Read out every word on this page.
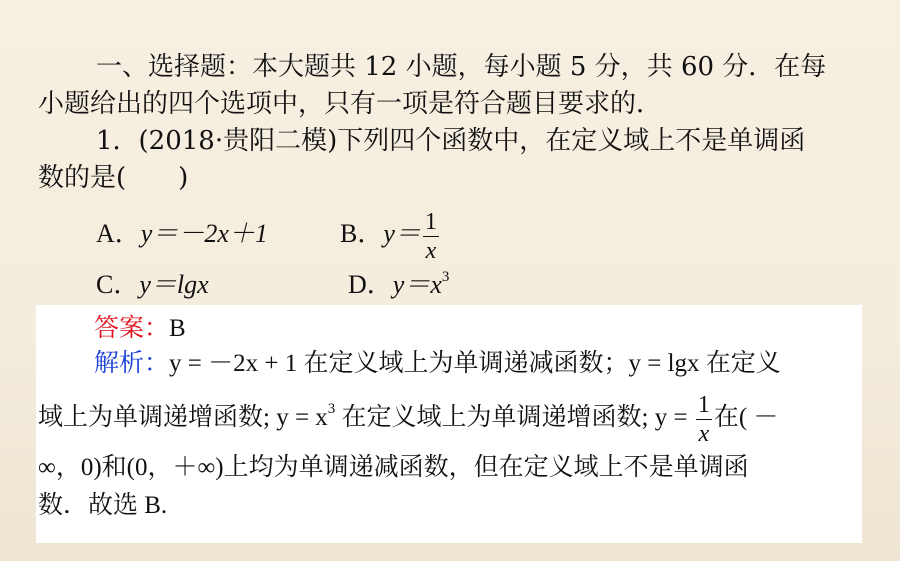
一、选择题：本大题共 12 小题，每小题 5 分，共 60 分．在每
小题给出的四个选项中，只有一项是符合题目要求的．
1．(2018·贵阳二模)下列四个函数中，在定义域上不是单调函
数的是(　　)
A．y＝－2x＋1	B．$y= \frac{1}{x}$
C．y＝lgx	D．$y=x^3$
答案：B
解析：y = －2x + 1 在定义域上为单调递减函数；y = lgx 在定义
域上为单调递增函数; $y = x^3$ 在定义域上为单调递增函数; $y = \frac{1}{x}$ 在( －
∞，0)和(0，＋∞)上均为单调递减函数，但在定义域上不是单调函
数．故选 B.
